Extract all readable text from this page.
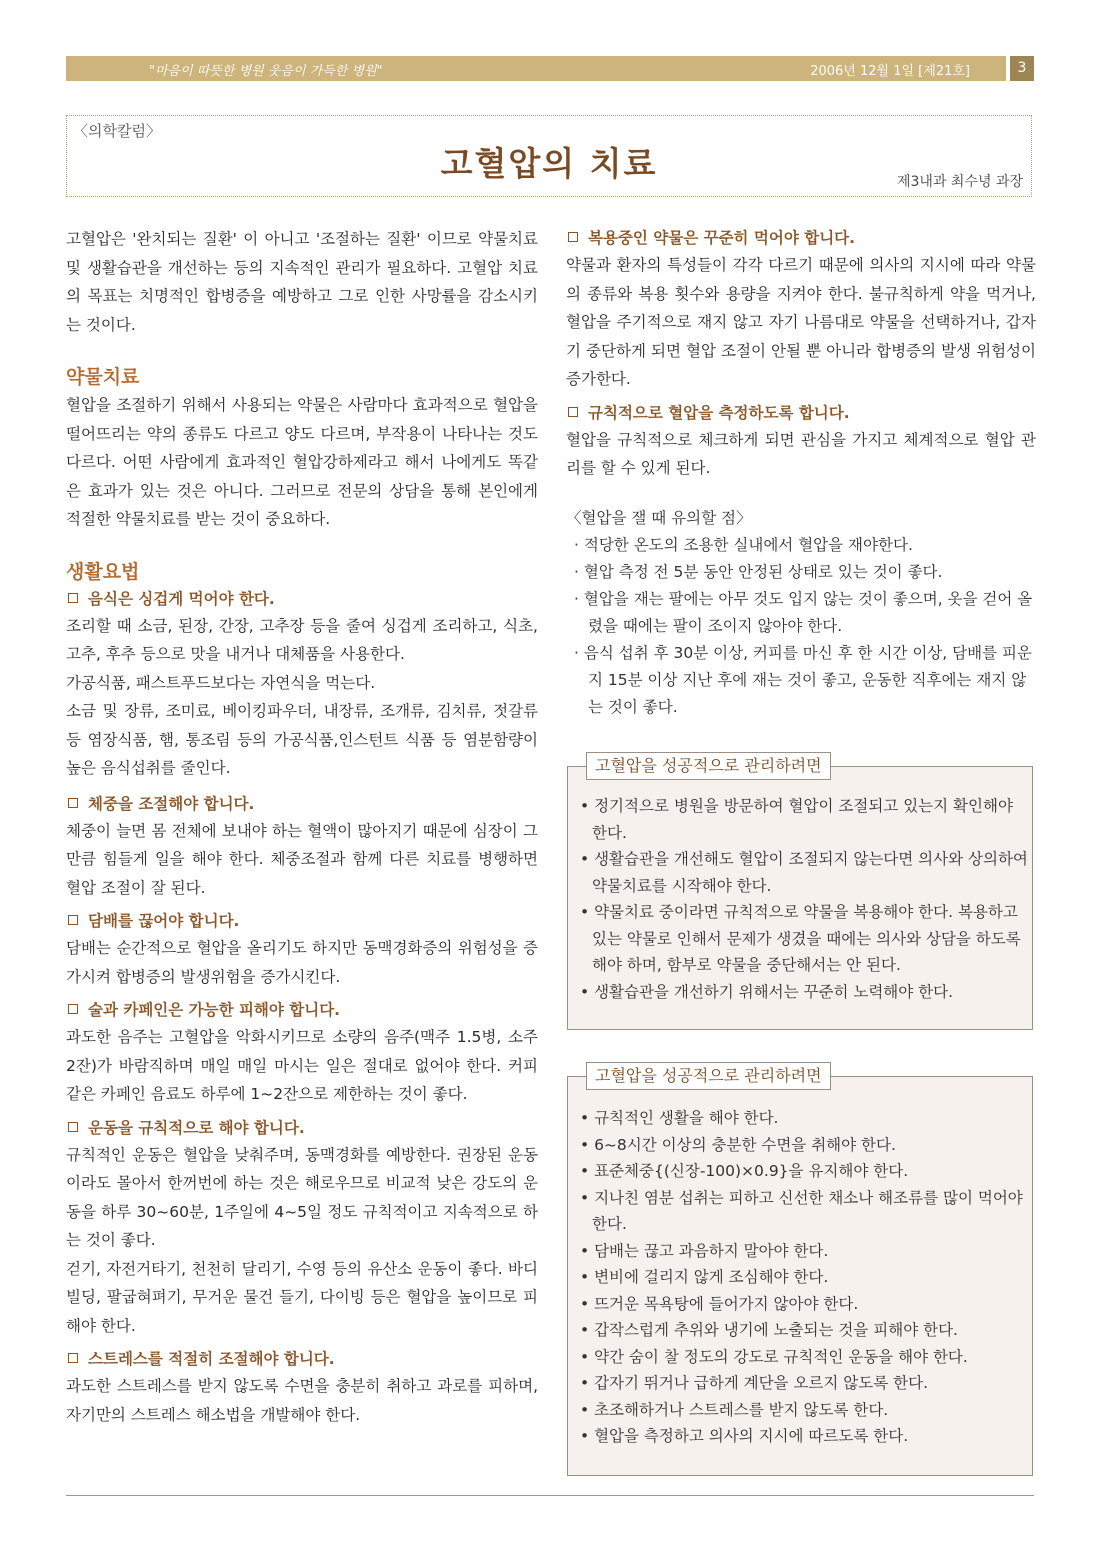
"마음이 따뜻한 병원 웃음이 가득한 병원"	2006년 12월 1일 [제21호]	3
〈의학칼럼〉
고혈압의 치료	제3내과 최수녕 과장

고혈압은 '완치되는 질환' 이 아니고 '조절하는 질환' 이므로 약물치료 및 생활습관을 개선하는 등의 지속적인 관리가 필요하다. 고혈압 치료의 목표는 치명적인 합병증을 예방하고 그로 인한 사망률을 감소시키는 것이다.

약물치료

혈압을 조절하기 위해서 사용되는 약물은 사람마다 효과적으로 혈압을 떨어뜨리는 약의 종류도 다르고 양도 다르며, 부작용이 나타나는 것도 다르다. 어떤 사람에게 효과적인 혈압강하제라고 해서 나에게도 똑같은 효과가 있는 것은 아니다. 그러므로 전문의 상담을 통해 본인에게 적절한 약물치료를 받는 것이 중요하다.

생활요법

음식은 싱겁게 먹어야 한다.

조리할 때 소금, 된장, 간장, 고추장 등을 줄여 싱겁게 조리하고, 식초, 고추, 후추 등으로 맛을 내거나 대체품을 사용한다.

가공식품, 패스트푸드보다는 자연식을 먹는다.

소금 및 장류, 조미료, 베이킹파우더, 내장류, 조개류, 김치류, 젓갈류 등 염장식품, 햄, 통조림 등의 가공식품,인스턴트 식품 등 염분함량이 높은 음식섭취를 줄인다.

체중을 조절해야 합니다.

체중이 늘면 몸 전체에 보내야 하는 혈액이 많아지기 때문에 심장이 그만큼 힘들게 일을 해야 한다. 체중조절과 함께 다른 치료를 병행하면 혈압 조절이 잘 된다.

담배를 끊어야 합니다.

담배는 순간적으로 혈압을 올리기도 하지만 동맥경화증의 위험성을 증가시켜 합병증의 발생위험을 증가시킨다.

술과 카페인은 가능한 피해야 합니다.

과도한 음주는 고혈압을 악화시키므로 소량의 음주(맥주 1.5병, 소주 2잔)가 바람직하며 매일 매일 마시는 일은 절대로 없어야 한다. 커피 같은 카페인 음료도 하루에 1~2잔으로 제한하는 것이 좋다.

운동을 규칙적으로 해야 합니다.

규칙적인 운동은 혈압을 낮춰주며, 동맥경화를 예방한다. 권장된 운동이라도 몰아서 한꺼번에 하는 것은 해로우므로 비교적 낮은 강도의 운동을 하루 30~60분, 1주일에 4~5일 정도 규칙적이고 지속적으로 하는 것이 좋다.

걷기, 자전거타기, 천천히 달리기, 수영 등의 유산소 운동이 좋다. 바디빌딩, 팔굽혀펴기, 무거운 물건 들기, 다이빙 등은 혈압을 높이므로 피해야 한다.

스트레스를 적절히 조절해야 합니다.

과도한 스트레스를 받지 않도록 수면을 충분히 취하고 과로를 피하며, 자기만의 스트레스 해소법을 개발해야 한다.

복용중인 약물은 꾸준히 먹어야 합니다.

약물과 환자의 특성들이 각각 다르기 때문에 의사의 지시에 따라 약물의 종류와 복용 횟수와 용량을 지켜야 한다. 불규칙하게 약을 먹거나, 혈압을 주기적으로 재지 않고 자기 나름대로 약물을 선택하거나, 갑자기 중단하게 되면 혈압 조절이 안될 뿐 아니라 합병증의 발생 위험성이 증가한다.

규칙적으로 혈압을 측정하도록 합니다.

혈압을 규칙적으로 체크하게 되면 관심을 가지고 체계적으로 혈압 관리를 할 수 있게 된다.

〈혈압을 잴 때 유의할 점〉

· 적당한 온도의 조용한 실내에서 혈압을 재야한다.

· 혈압 측정 전 5분 동안 안정된 상태로 있는 것이 좋다.

· 혈압을 재는 팔에는 아무 것도 입지 않는 것이 좋으며, 옷을 걷어 올렸을 때에는 팔이 조이지 않아야 한다.

· 음식 섭취 후 30분 이상, 커피를 마신 후 한 시간 이상, 담배를 피운지 15분 이상 지난 후에 재는 것이 좋고, 운동한 직후에는 재지 않는 것이 좋다.

고혈압을 성공적으로 관리하려면
• 정기적으로 병원을 방문하여 혈압이 조절되고 있는지 확인해야 한다.
• 생활습관을 개선해도 혈압이 조절되지 않는다면 의사와 상의하여 약물치료를 시작해야 한다.
• 약물치료 중이라면 규칙적으로 약물을 복용해야 한다. 복용하고 있는 약물로 인해서 문제가 생겼을 때에는 의사와 상담을 하도록 해야 하며, 함부로 약물을 중단해서는 안 된다.
• 생활습관을 개선하기 위해서는 꾸준히 노력해야 한다.
고혈압을 성공적으로 관리하려면
• 규칙적인 생활을 해야 한다.
• 6~8시간 이상의 충분한 수면을 취해야 한다.
• 표준체중{(신장-100)×0.9}을 유지해야 한다.
• 지나친 염분 섭취는 피하고 신선한 채소나 해조류를 많이 먹어야 한다.
• 담배는 끊고 과음하지 말아야 한다.
• 변비에 걸리지 않게 조심해야 한다.
• 뜨거운 목욕탕에 들어가지 않아야 한다.
• 갑작스럽게 추위와 냉기에 노출되는 것을 피해야 한다.
• 약간 숨이 찰 정도의 강도로 규칙적인 운동을 해야 한다.
• 갑자기 뛰거나 급하게 계단을 오르지 않도록 한다.
• 초조해하거나 스트레스를 받지 않도록 한다.
• 혈압을 측정하고 의사의 지시에 따르도록 한다.
